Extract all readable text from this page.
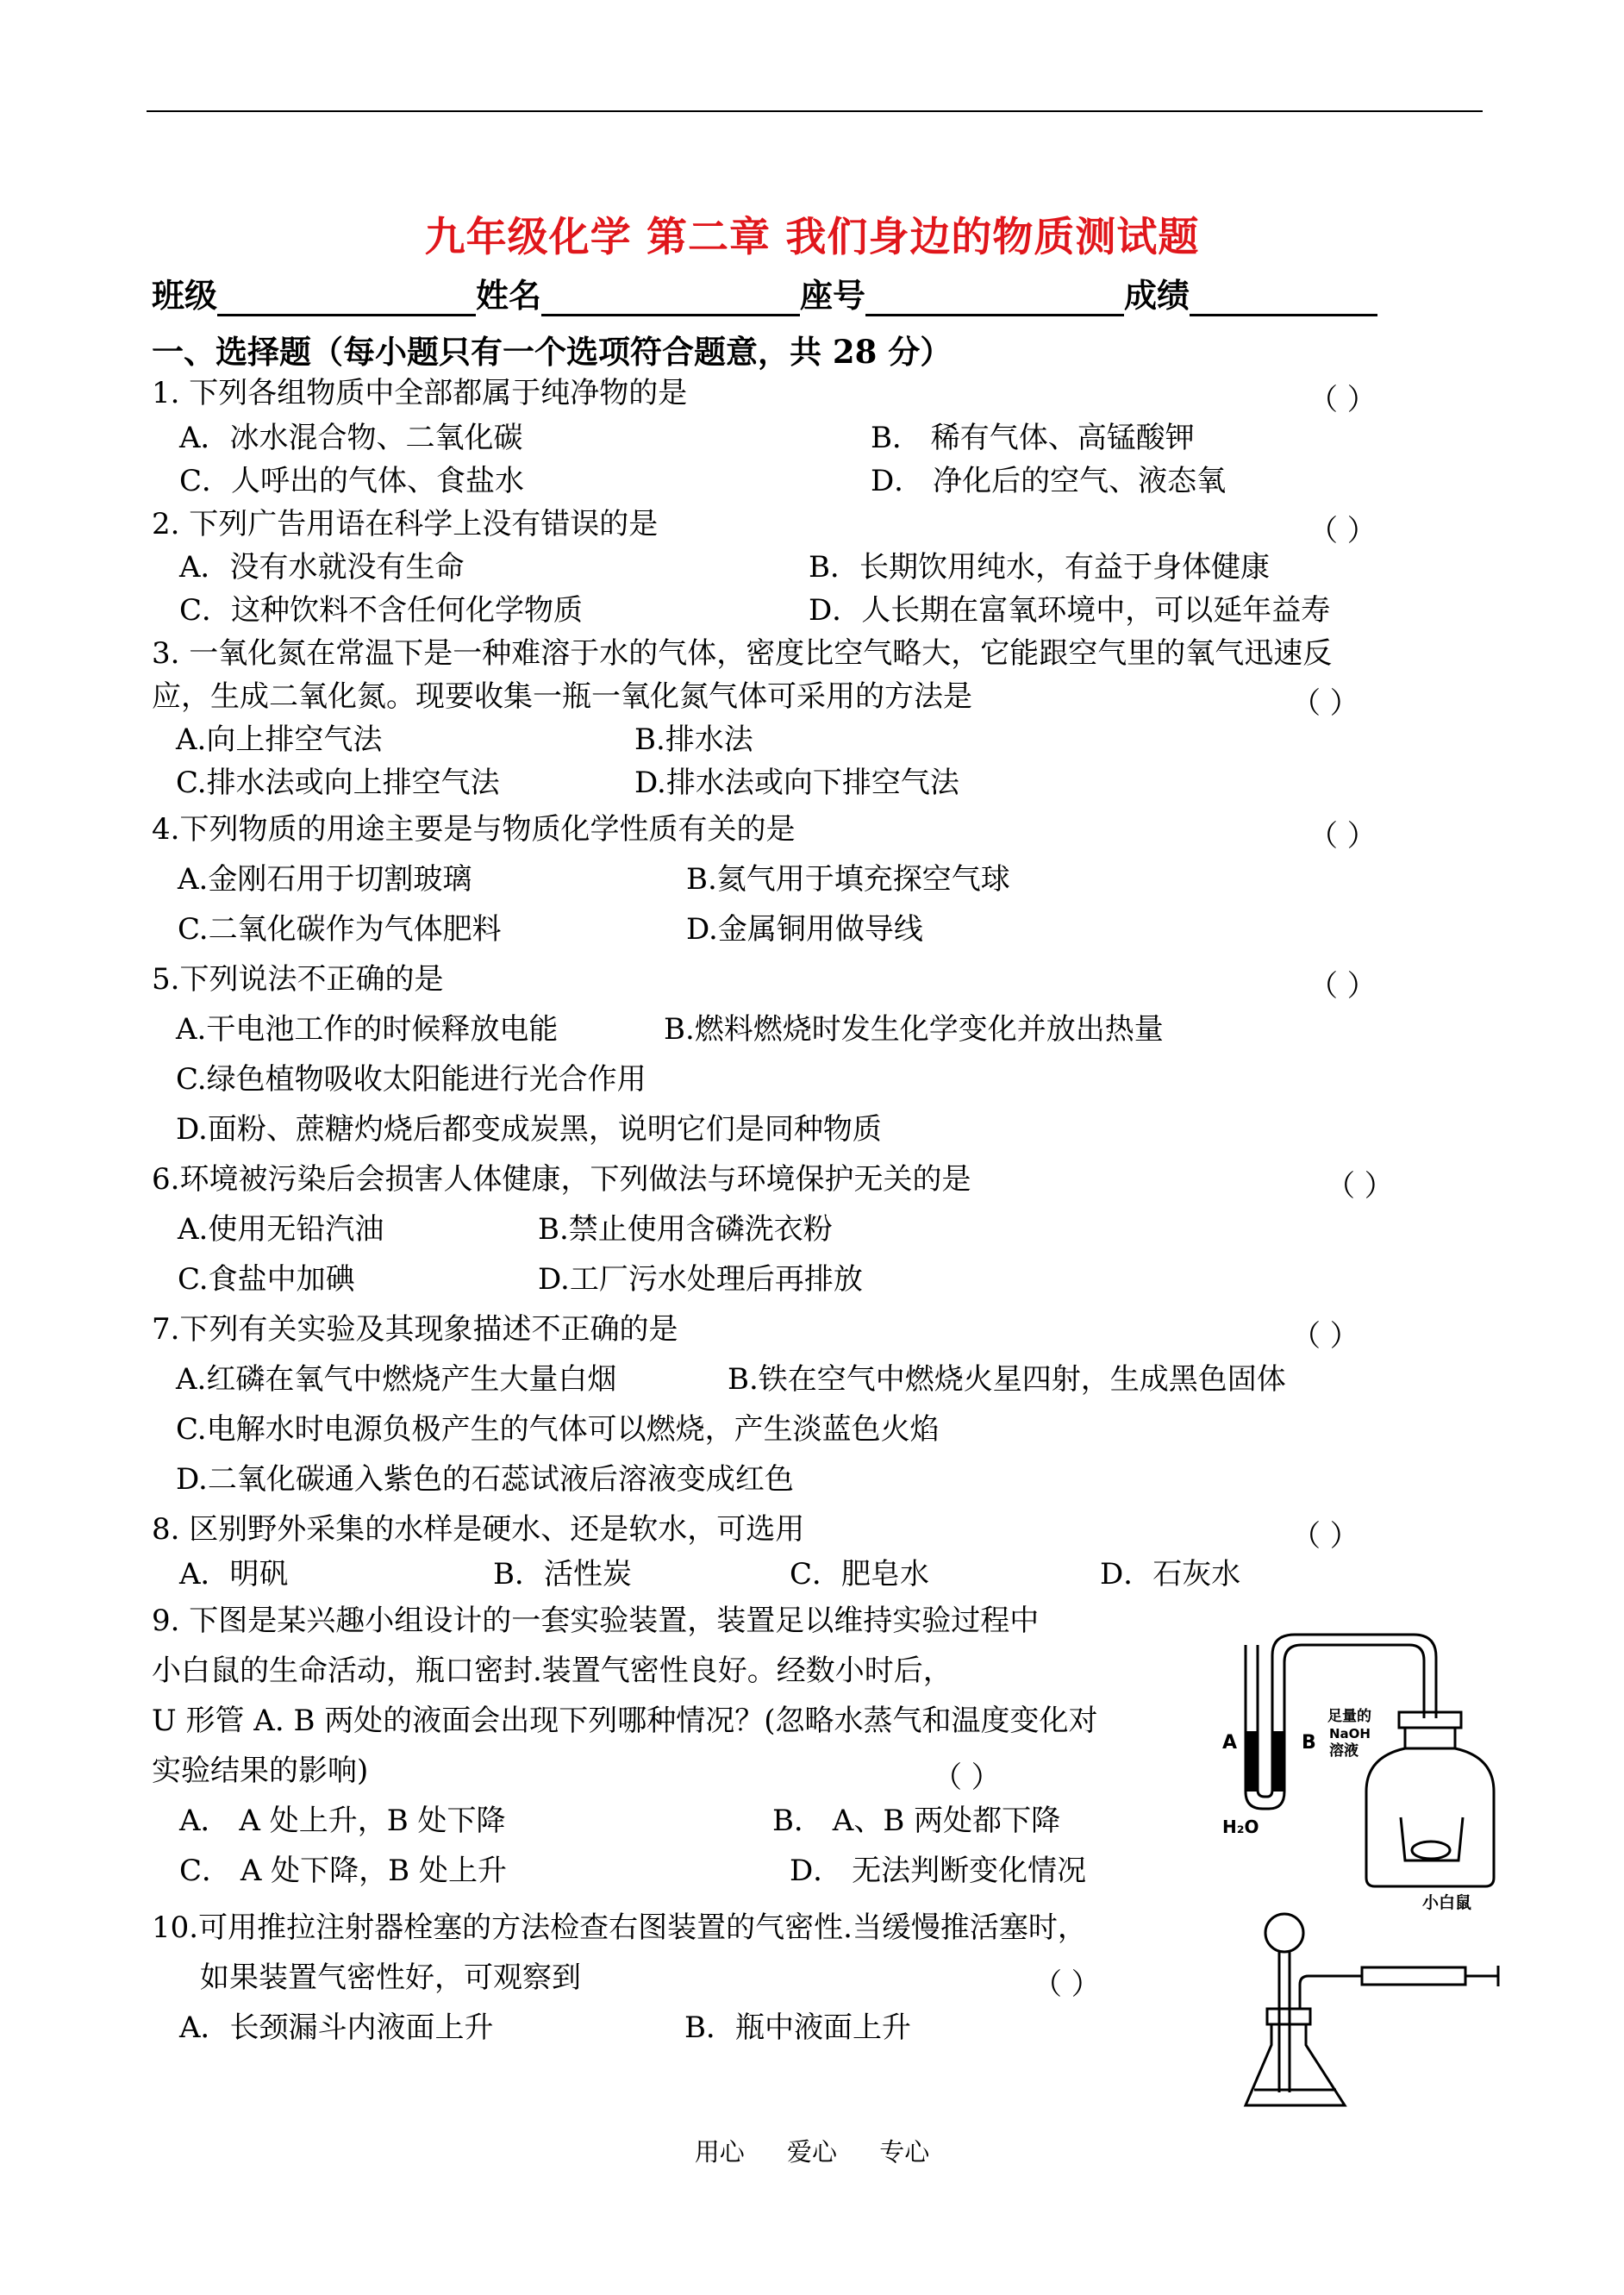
九年级化学 第二章 我们身边的物质测试题
班级	姓名	座号	成绩
一、选择题（每小题只有一个选项符合题意，共 28 分）
1. 下列各组物质中全部都属于纯净物的是	（ ）
A．冰水混合物、二氧化碳	B． 稀有气体、高锰酸钾
C．人呼出的气体、食盐水	D． 净化后的空气、液态氧
2. 下列广告用语在科学上没有错误的是	（ ）
A．没有水就没有生命	B．长期饮用纯水，有益于身体健康
C．这种饮料不含任何化学物质	D．人长期在富氧环境中，可以延年益寿
3. 一氧化氮在常温下是一种难溶于水的气体，密度比空气略大，它能跟空气里的氧气迅速反
应，生成二氧化氮。现要收集一瓶一氧化氮气体可采用的方法是	（ ）
A.向上排空气法	B.排水法
C.排水法或向上排空气法	D.排水法或向下排空气法
4.下列物质的用途主要是与物质化学性质有关的是	（ ）
A.金刚石用于切割玻璃	B.氦气用于填充探空气球
C.二氧化碳作为气体肥料	D.金属铜用做导线
5.下列说法不正确的是	（ ）
A.干电池工作的时候释放电能	B.燃料燃烧时发生化学变化并放出热量
C.绿色植物吸收太阳能进行光合作用
D.面粉、蔗糖灼烧后都变成炭黑，说明它们是同种物质
6.环境被污染后会损害人体健康，下列做法与环境保护无关的是	（ ）
A.使用无铅汽油	B.禁止使用含磷洗衣粉
C.食盐中加碘	D.工厂污水处理后再排放
7.下列有关实验及其现象描述不正确的是	（ ）
A.红磷在氧气中燃烧产生大量白烟	B.铁在空气中燃烧火星四射，生成黑色固体
C.电解水时电源负极产生的气体可以燃烧，产生淡蓝色火焰
D.二氧化碳通入紫色的石蕊试液后溶液变成红色
8. 区别野外采集的水样是硬水、还是软水，可选用	（ ）
A．明矾	B．活性炭	C．肥皂水	D．石灰水
9. 下图是某兴趣小组设计的一套实验装置，装置足以维持实验过程中
小白鼠的生命活动，瓶口密封.装置气密性良好。经数小时后，
U 形管 A. B 两处的液面会出现下列哪种情况？(忽略水蒸气和温度变化对
实验结果的影响)	（ ）
A． A 处上升，B 处下降	B． A、B 两处都下降
C． A 处下降，B 处上升	D． 无法判断变化情况
A	B
H₂O
足量的
NaOH
溶液
小白鼠
10.可用推拉注射器栓塞的方法检查右图装置的气密性.当缓慢推活塞时，
如果装置气密性好，可观察到	（ ）
A．长颈漏斗内液面上升	B．瓶中液面上升
用心 爱心 专心
